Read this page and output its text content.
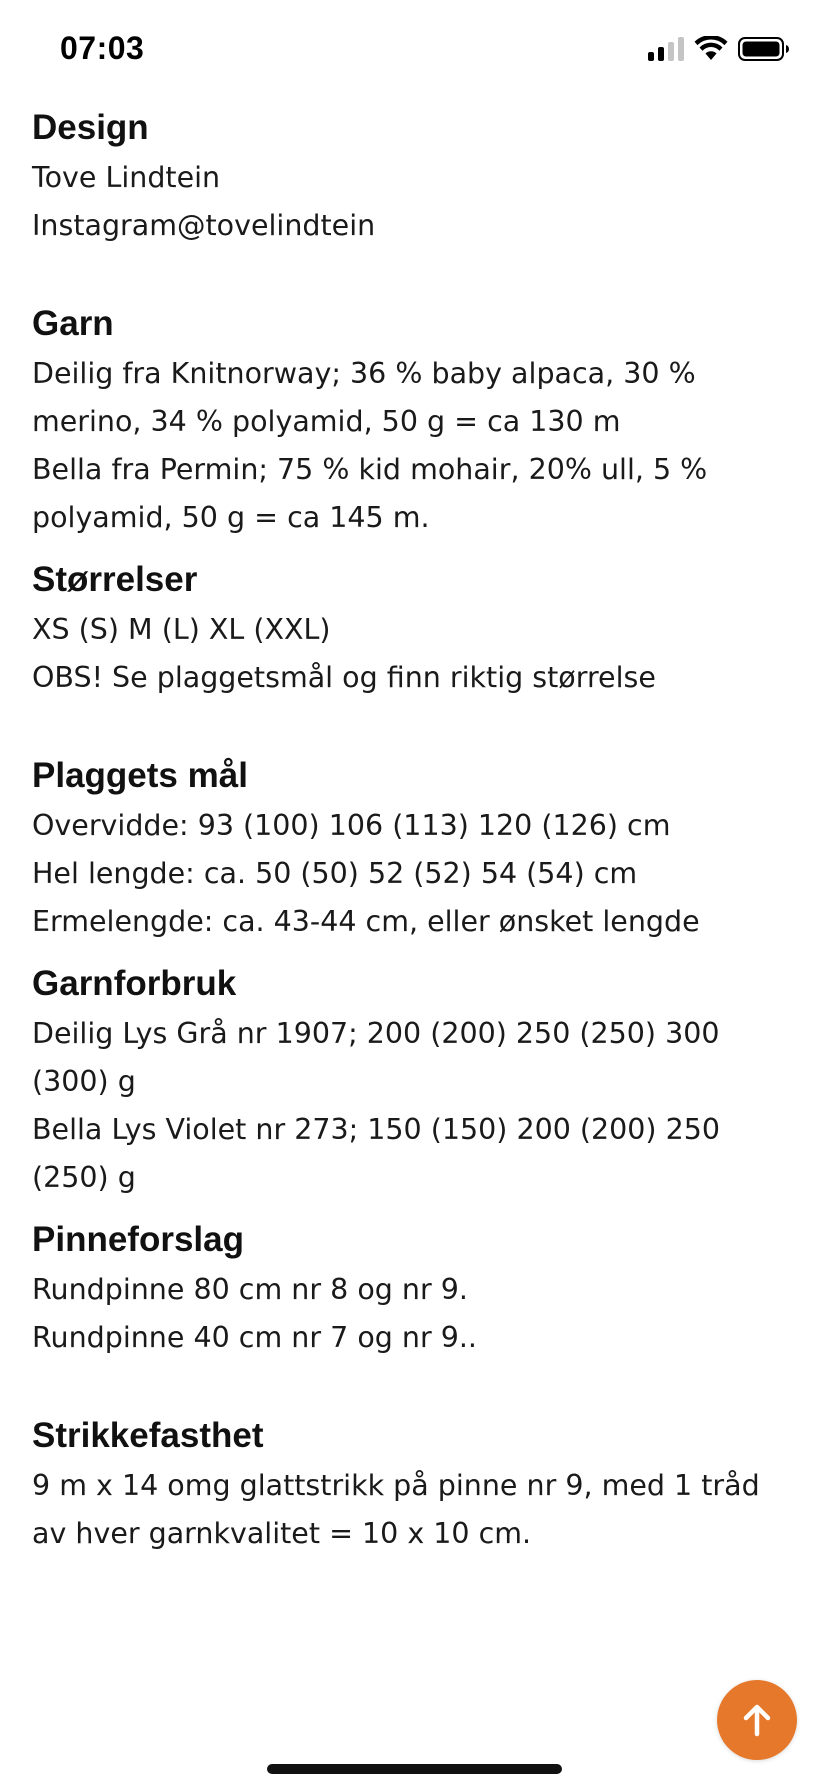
07:03
Design

Tove Lindtein

Instagram@tovelindtein

Garn

Deilig fra Knitnorway; 36 % baby alpaca, 30 % merino, 34 % polyamid, 50 g = ca 130 m

Bella fra Permin; 75 % kid mohair, 20% ull, 5 % polyamid, 50 g = ca 145 m.

Størrelser

XS (S) M (L) XL (XXL)

OBS! Se plaggetsmål og finn riktig størrelse

Plaggets mål

Overvidde: 93 (100) 106 (113) 120 (126) cm

Hel lengde: ca. 50 (50) 52 (52) 54 (54) cm

Ermelengde: ca. 43-44 cm, eller ønsket lengde

Garnforbruk

Deilig Lys Grå nr 1907; 200 (200) 250 (250) 300 (300) g

Bella Lys Violet nr 273; 150 (150) 200 (200) 250 (250) g

Pinneforslag

Rundpinne 80 cm nr 8 og nr 9.

Rundpinne 40 cm nr 7 og nr 9..

Strikkefasthet

9 m x 14 omg glattstrikk på pinne nr 9, med 1 tråd av hver garnkvalitet = 10 x 10 cm.
